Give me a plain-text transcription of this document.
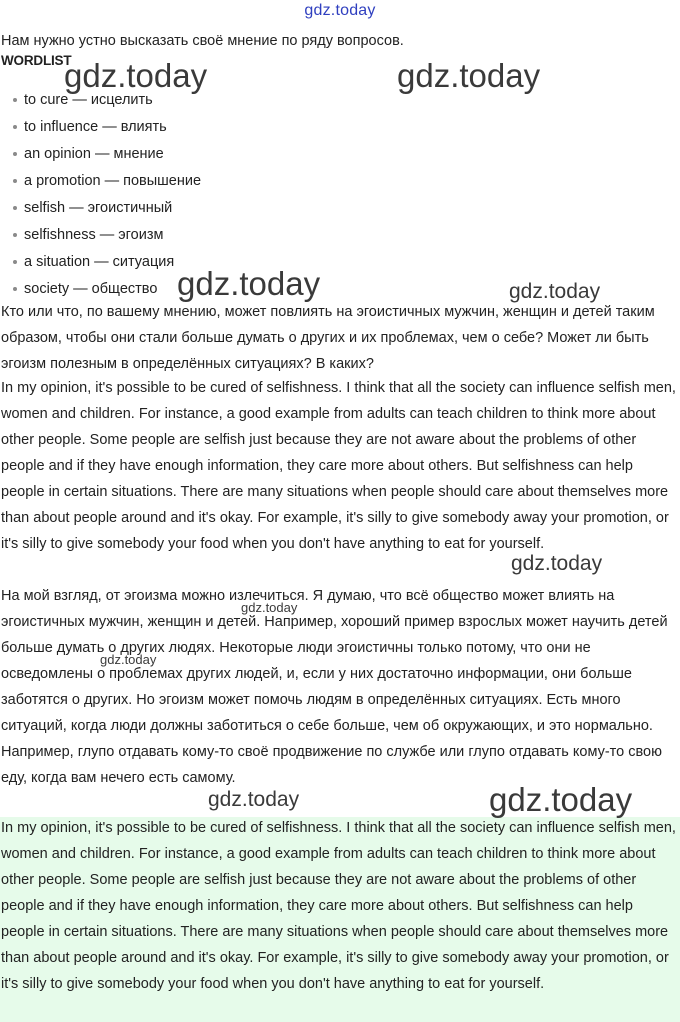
gdz.today
Нам нужно устно высказать своё мнение по ряду вопросов.
WORDLIST
to cure — исцелить
to influence — влиять
an opinion — мнение
a promotion — повышение
selfish — эгоистичный
selfishness — эгоизм
a situation — ситуация
society — общество

Кто или что, по вашему мнению, может повлиять на эгоистичных мужчин, женщин и детей таким образом, чтобы они стали больше думать о других и их проблемах, чем о себе? Может ли быть эгоизм полезным в определённых ситуациях? В каких?

In my opinion, it's possible to be cured of selfishness. I think that all the society can influence selfish men, women and children. For instance, a good example from adults can teach children to think more about other people. Some people are selfish just because they are not aware about the problems of other people and if they have enough information, they care more about others. But selfishness can help people in certain situations. There are many situations when people should care about themselves more than about people around and it's okay. For example, it's silly to give somebody away your promotion, or it's silly to give somebody your food when you don't have anything to eat for yourself.

На мой взгляд, от эгоизма можно излечиться. Я думаю, что всё общество может влиять на эгоистичных мужчин, женщин и детей. Например, хороший пример взрослых может научить детей больше думать о других людях. Некоторые люди эгоистичны только потому, что они не осведомлены о проблемах других людей, и, если у них достаточно информации, они больше заботятся о других. Но эгоизм может помочь людям в определённых ситуациях. Есть много ситуаций, когда люди должны заботиться о себе больше, чем об окружающих, и это нормально. Например, глупо отдавать кому-то своё продвижение по службе или глупо отдавать кому-то свою еду, когда вам нечего есть самому.

In my opinion, it's possible to be cured of selfishness. I think that all the society can influence selfish men, women and children. For instance, a good example from adults can teach children to think more about other people. Some people are selfish just because they are not aware about the problems of other people and if they have enough information, they care more about others. But selfishness can help people in certain situations. There are many situations when people should care about themselves more than about people around and it's okay. For example, it's silly to give somebody away your promotion, or it's silly to give somebody your food when you don't have anything to eat for yourself.

gdz.today	gdz.today
gdz.today	gdz.today
gdz.today
gdz.today
gdz.today
gdz.today	gdz.today
